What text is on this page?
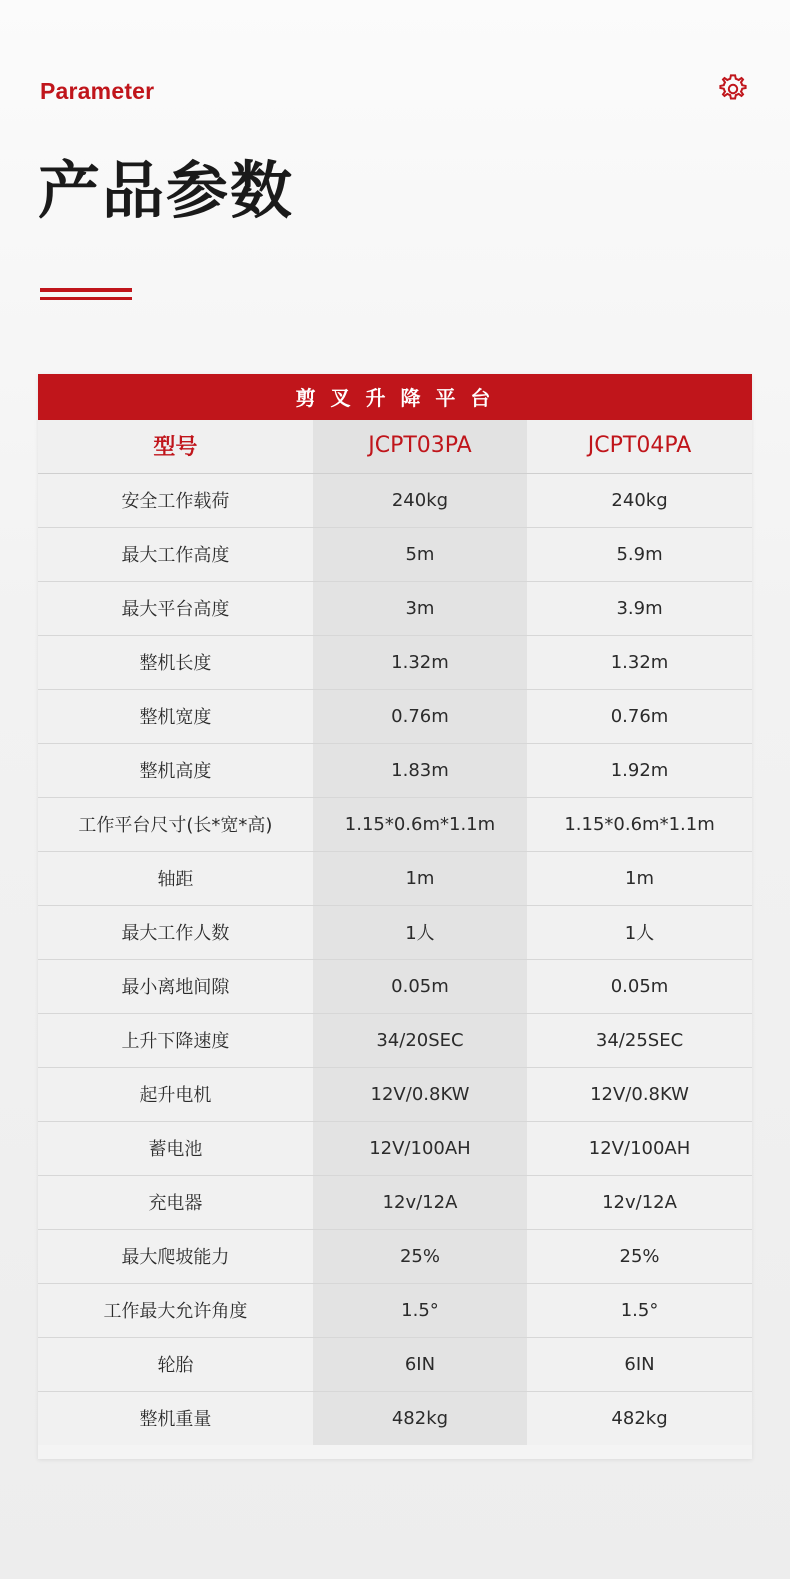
Parameter
产品参数
剪 叉 升 降 平 台		
型号	JCPT03PA	JCPT04PA
安全工作载荷	240kg	240kg
最大工作高度	5m	5.9m
最大平台高度	3m	3.9m
整机长度	1.32m	1.32m
整机宽度	0.76m	0.76m
整机高度	1.83m	1.92m
工作平台尺寸(长*宽*高)	1.15*0.6m*1.1m	1.15*0.6m*1.1m
轴距	1m	1m
最大工作人数	1人	1人
最小离地间隙	0.05m	0.05m
上升下降速度	34/20SEC	34/25SEC
起升电机	12V/0.8KW	12V/0.8KW
蓄电池	12V/100AH	12V/100AH
充电器	12v/12A	12v/12A
最大爬坡能力	25%	25%
工作最大允许角度	1.5°	1.5°
轮胎	6IN	6IN
整机重量	482kg	482kg
